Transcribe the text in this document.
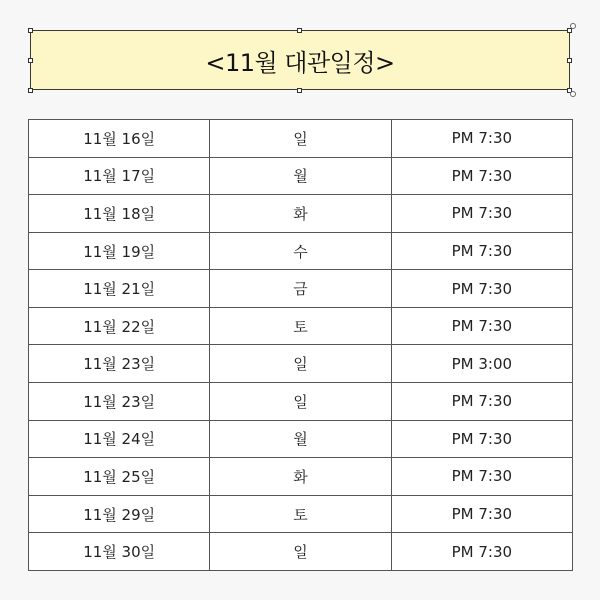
<11월 대관일정>
11월 16일	일	PM 7:30
11월 17일	월	PM 7:30
11월 18일	화	PM 7:30
11월 19일	수	PM 7:30
11월 21일	금	PM 7:30
11월 22일	토	PM 7:30
11월 23일	일	PM 3:00
11월 23일	일	PM 7:30
11월 24일	월	PM 7:30
11월 25일	화	PM 7:30
11월 29일	토	PM 7:30
11월 30일	일	PM 7:30
